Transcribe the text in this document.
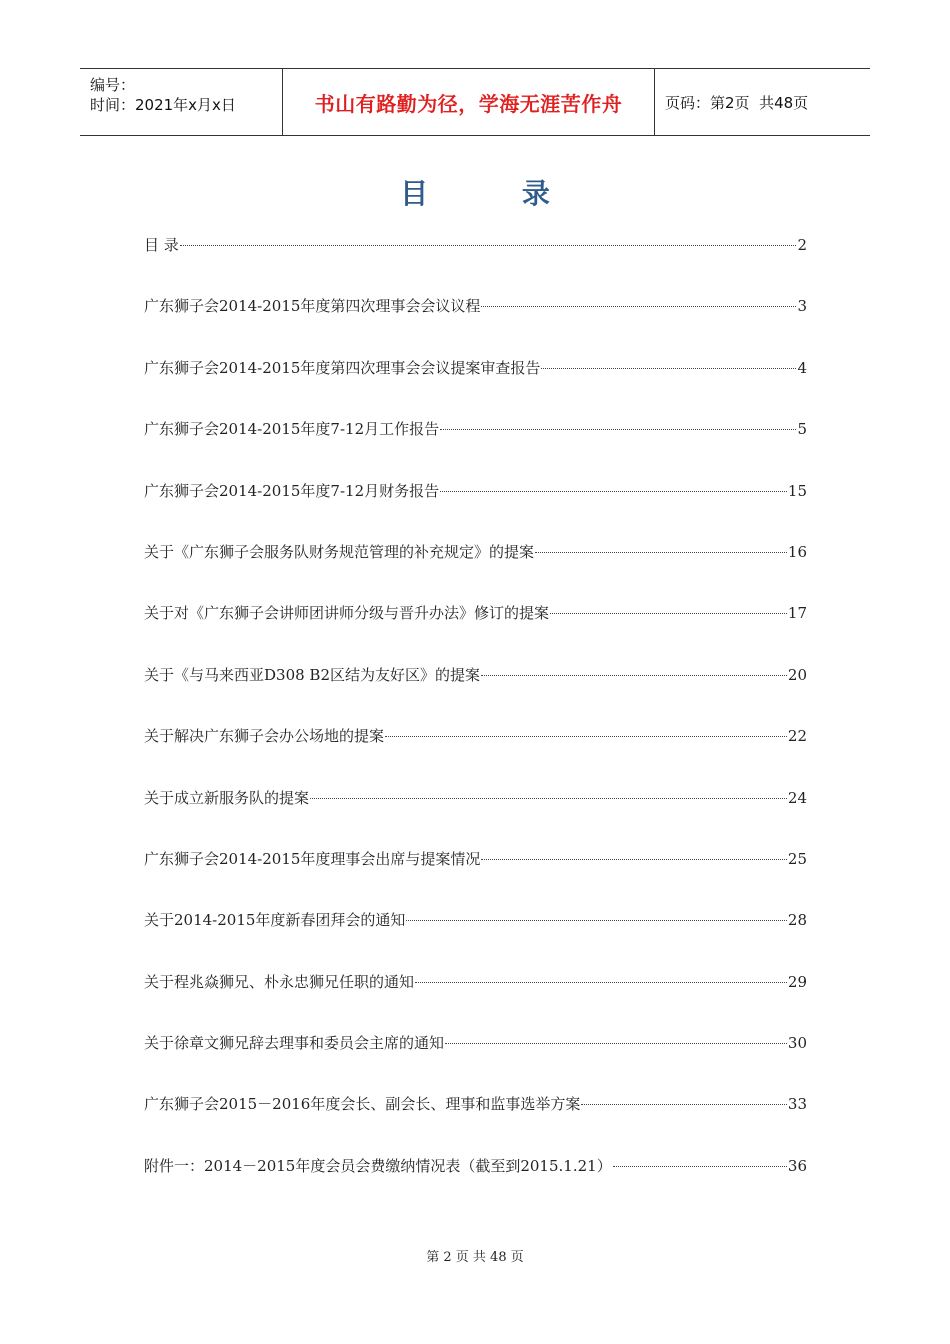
编号：
时间：2021年x月x日	书山有路勤为径，学海无涯苦作舟	页码：第2页  共48页
目 录
目 录	2
广东狮子会2014-2015年度第四次理事会会议议程	3
广东狮子会2014-2015年度第四次理事会会议提案审查报告	4
广东狮子会2014-2015年度7-12月工作报告	5
广东狮子会2014-2015年度7-12月财务报告	15
关于《广东狮子会服务队财务规范管理的补充规定》的提案	16
关于对《广东狮子会讲师团讲师分级与晋升办法》修订的提案	17
关于《与马来西亚D308 B2区结为友好区》的提案	20
关于解决广东狮子会办公场地的提案	22
关于成立新服务队的提案	24
广东狮子会2014-2015年度理事会出席与提案情况	25
关于2014-2015年度新春团拜会的通知	28
关于程兆焱狮兄、朴永忠狮兄任职的通知	29
关于徐章文狮兄辞去理事和委员会主席的通知	30
广东狮子会2015－2016年度会长、副会长、理事和监事选举方案	33
附件一：2014－2015年度会员会费缴纳情况表（截至到2015.1.21）	36
第 2 页 共 48 页
